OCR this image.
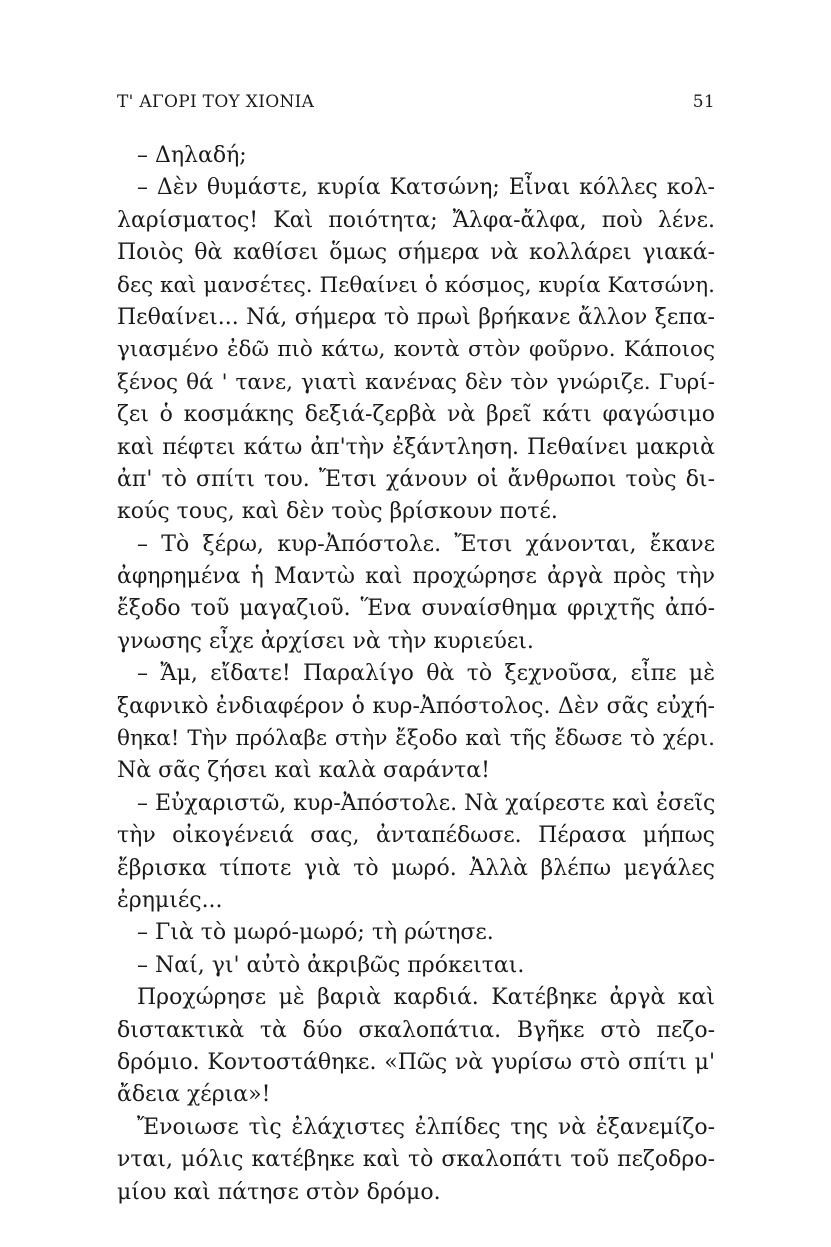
Τ' ΑΓΟΡΙ ΤΟΥ ΧΙΟΝΙΑ	51
– Δηλαδή;
– Δὲν θυμάστε, κυρία Κατσώνη; Εἶναι κόλλες κολ-
λαρίσματος! Καὶ ποιότητα; Ἄλφα-ἄλφα, ποὺ λένε.
Ποιὸς θὰ καθίσει ὅμως σήμερα νὰ κολλάρει γιακά-
δες καὶ μανσέτες. Πεθαίνει ὁ κόσμος, κυρία Κατσώνη.
Πεθαίνει... Νά, σήμερα τὸ πρωὶ βρήκανε ἄλλον ξεπα-
γιασμένο ἐδῶ πιὸ κάτω, κοντὰ στὸν φοῦρνο. Κάποιος
ξένος θά ' τανε, γιατὶ κανένας δὲν τὸν γνώριζε. Γυρί-
ζει ὁ κοσμάκης δεξιά-ζερβὰ νὰ βρεῖ κάτι φαγώσιμο
καὶ πέφτει κάτω ἀπ'τὴν ἐξάντληση. Πεθαίνει μακριὰ
ἀπ' τὸ σπίτι του. Ἔτσι χάνουν οἱ ἄνθρωποι τοὺς δι-
κούς τους, καὶ δὲν τοὺς βρίσκουν ποτέ.
– Τὸ ξέρω, κυρ-Ἀπόστολε. Ἔτσι χάνονται, ἔκανε
ἀφηρημένα ἡ Μαντὼ καὶ προχώρησε ἀργὰ πρὸς τὴν
ἔξοδο τοῦ μαγαζιοῦ. Ἕνα συναίσθημα φριχτῆς ἀπό-
γνωσης εἶχε ἀρχίσει νὰ τὴν κυριεύει.
– Ἄμ, εἴδατε! Παραλίγο θὰ τὸ ξεχνοῦσα, εἶπε μὲ
ξαφνικὸ ἐνδιαφέρον ὁ κυρ-Ἀπόστολος. Δὲν σᾶς εὐχή-
θηκα! Τὴν πρόλαβε στὴν ἔξοδο καὶ τῆς ἔδωσε τὸ χέρι.
Νὰ σᾶς ζήσει καὶ καλὰ σαράντα!
– Εὐχαριστῶ, κυρ-Ἀπόστολε. Νὰ χαίρεστε καὶ ἐσεῖς
τὴν οἰκογένειά σας, ἀνταπέδωσε. Πέρασα μήπως
ἔβρισκα τίποτε γιὰ τὸ μωρό. Ἀλλὰ βλέπω μεγάλες
ἐρημιές...
– Γιὰ τὸ μωρό-μωρό; τὴ ρώτησε.
– Ναί, γι' αὐτὸ ἀκριβῶς πρόκειται.
Προχώρησε μὲ βαριὰ καρδιά. Κατέβηκε ἀργὰ καὶ
διστακτικὰ τὰ δύο σκαλοπάτια. Βγῆκε στὸ πεζο-
δρόμιο. Κοντοστάθηκε. «Πῶς νὰ γυρίσω στὸ σπίτι μ'
ἄδεια χέρια»!
Ἔνοιωσε τὶς ἐλάχιστες ἐλπίδες της νὰ ἐξανεμίζο-
νται, μόλις κατέβηκε καὶ τὸ σκαλοπάτι τοῦ πεζοδρο-
μίου καὶ πάτησε στὸν δρόμο.
